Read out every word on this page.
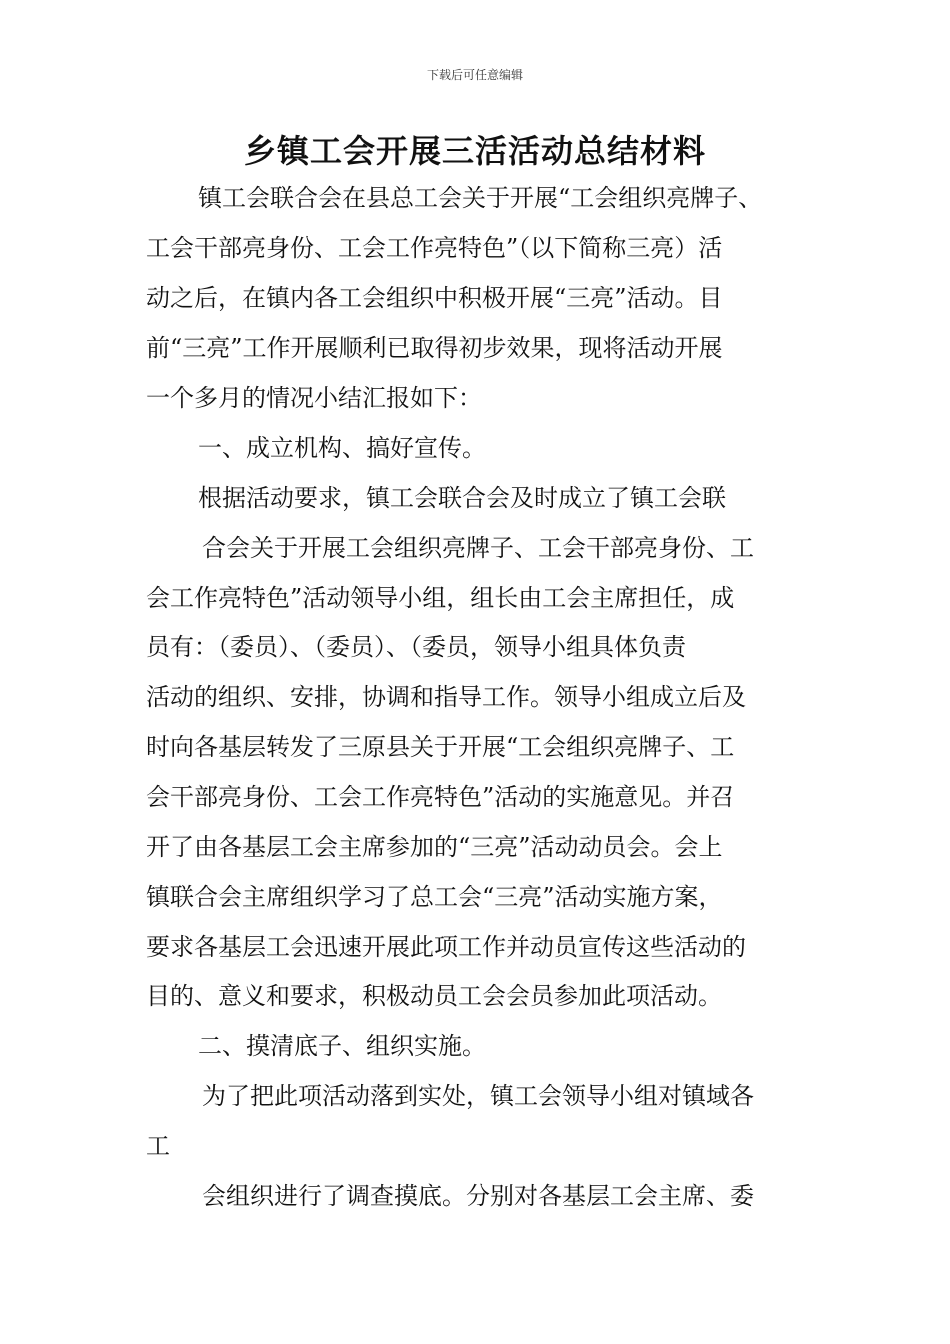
下载后可任意编辑
乡镇工会开展三活活动总结材料
镇工会联合会在县总工会关于开展“工会组织亮牌子、
工会干部亮身份、工会工作亮特色”（以下简称三亮）活
动之后，在镇内各工会组织中积极开展“三亮”活动。目
前“三亮”工作开展顺利已取得初步效果，现将活动开展
一个多月的情况小结汇报如下：
一、成立机构、搞好宣传。
根据活动要求，镇工会联合会及时成立了镇工会联
合会关于开展工会组织亮牌子、工会干部亮身份、工
会工作亮特色”活动领导小组，组长由工会主席担任，成
员有：（委员）、（委员）、（委员，领导小组具体负责
活动的组织、安排，协调和指导工作。领导小组成立后及
时向各基层转发了三原县关于开展“工会组织亮牌子、工
会干部亮身份、工会工作亮特色”活动的实施意见。并召
开了由各基层工会主席参加的“三亮”活动动员会。会上
镇联合会主席组织学习了总工会“三亮”活动实施方案，
要求各基层工会迅速开展此项工作并动员宣传这些活动的
目的、意义和要求，积极动员工会会员参加此项活动。
二、摸清底子、组织实施。
为了把此项活动落到实处，镇工会领导小组对镇域各
工
会组织进行了调查摸底。分别对各基层工会主席、委
